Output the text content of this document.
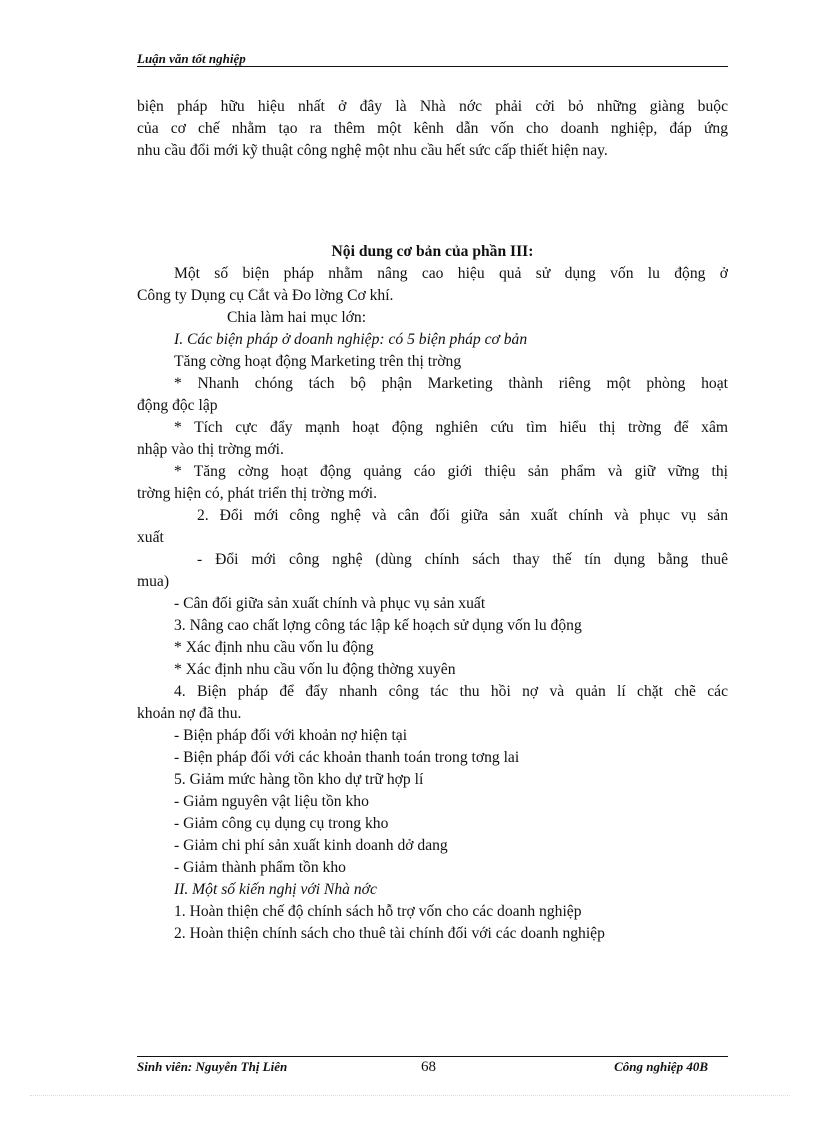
Luận văn tốt nghiệp
biện pháp hữu hiệu nhất ở đây là Nhà nớc phải cởi bỏ những giàng buộc
của cơ chế nhằm tạo ra thêm một kênh dẫn vốn cho doanh nghiệp, đáp ứng
nhu cầu đổi mới kỹ thuật công nghệ một nhu cầu hết sức cấp thiết hiện nay.
Nội dung cơ bản của phần III:
Một số biện pháp nhằm nâng cao hiệu quả sử dụng vốn lu động ở
Công ty Dụng cụ Cắt và Đo lờng Cơ khí.
Chia làm hai mục lớn:
I. Các biện pháp ở doanh nghiệp: có 5 biện pháp cơ bản
Tăng cờng hoạt động Marketing trên thị trờng
* Nhanh chóng tách bộ phận Marketing thành riêng một phòng hoạt
động độc lập
* Tích cực đẩy mạnh hoạt động nghiên cứu tìm hiểu thị trờng để xâm
nhập vào thị trờng mới.
* Tăng cờng hoạt động quảng cáo giới thiệu sản phẩm và giữ vững thị
trờng hiện có, phát triển thị trờng mới.
2. Đổi mới công nghệ và cân đối giữa sản xuất chính và phục vụ sản
xuất
- Đổi mới công nghệ (dùng chính sách thay thế tín dụng bằng thuê
mua)
- Cân đối giữa sản xuất chính và phục vụ sản xuất
3. Nâng cao chất lợng công tác lập kế hoạch sử dụng vốn lu động
* Xác định nhu cầu vốn lu động
* Xác định nhu cầu vốn lu động thờng xuyên
4. Biện pháp để đẩy nhanh công tác thu hồi nợ và quản lí chặt chẽ các
khoản nợ đã thu.
- Biện pháp đối với khoản nợ hiện tại
- Biện pháp đối với các khoản thanh toán trong tơng lai
5. Giảm mức hàng tồn kho dự trữ hợp lí
- Giảm nguyên vật liệu tồn kho
- Giảm công cụ dụng cụ trong kho
- Giảm chi phí sản xuất kinh doanh dở dang
- Giảm thành phẩm tồn kho
II. Một số kiến nghị với Nhà nớc
1. Hoàn thiện chế độ chính sách hỗ trợ vốn cho các doanh nghiệp
2. Hoàn thiện chính sách cho thuê tài chính đối với các doanh nghiệp
Sinh viên: Nguyễn Thị Liên	68	Công nghiệp 40B
